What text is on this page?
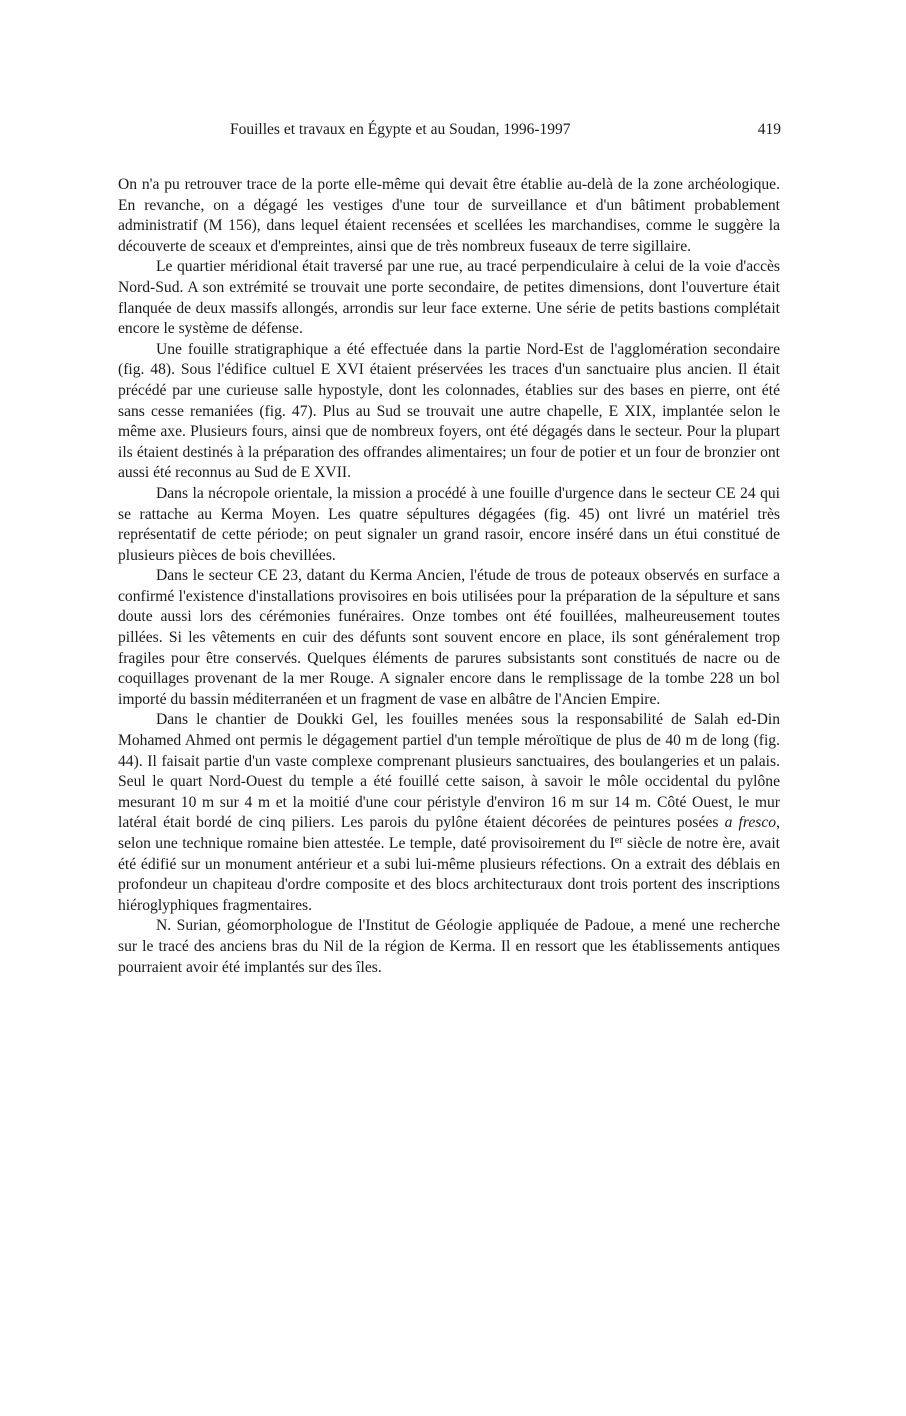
Fouilles et travaux en Égypte et au Soudan, 1996-1997	419

On n'a pu retrouver trace de la porte elle-même qui devait être établie au-delà de la zone archéologique. En revanche, on a dégagé les vestiges d'une tour de surveillance et d'un bâtiment probablement administratif (M 156), dans lequel étaient recensées et scellées les marchandises, comme le suggère la découverte de sceaux et d'empreintes, ainsi que de très nombreux fuseaux de terre sigillaire.

Le quartier méridional était traversé par une rue, au tracé perpendiculaire à celui de la voie d'accès Nord-Sud. A son extrémité se trouvait une porte secondaire, de petites dimensions, dont l'ouverture était flanquée de deux massifs allongés, arrondis sur leur face externe. Une série de petits bastions complétait encore le système de défense.

Une fouille stratigraphique a été effectuée dans la partie Nord-Est de l'agglomération secondaire (fig. 48). Sous l'édifice cultuel E XVI étaient préservées les traces d'un sanctuaire plus ancien. Il était précédé par une curieuse salle hypostyle, dont les colonnades, établies sur des bases en pierre, ont été sans cesse remaniées (fig. 47). Plus au Sud se trouvait une autre chapelle, E XIX, implantée selon le même axe. Plusieurs fours, ainsi que de nombreux foyers, ont été dégagés dans le secteur. Pour la plupart ils étaient destinés à la préparation des offrandes alimentaires; un four de potier et un four de bronzier ont aussi été reconnus au Sud de E XVII.

Dans la nécropole orientale, la mission a procédé à une fouille d'urgence dans le secteur CE 24 qui se rattache au Kerma Moyen. Les quatre sépultures dégagées (fig. 45) ont livré un matériel très représentatif de cette période; on peut signaler un grand rasoir, encore inséré dans un étui constitué de plusieurs pièces de bois chevillées.

Dans le secteur CE 23, datant du Kerma Ancien, l'étude de trous de poteaux observés en surface a confirmé l'existence d'installations provisoires en bois utilisées pour la préparation de la sépulture et sans doute aussi lors des cérémonies funéraires. Onze tombes ont été fouillées, malheureusement toutes pillées. Si les vêtements en cuir des défunts sont souvent encore en place, ils sont généralement trop fragiles pour être conservés. Quelques éléments de parures subsistants sont constitués de nacre ou de coquillages provenant de la mer Rouge. A signaler encore dans le remplissage de la tombe 228 un bol importé du bassin méditerranéen et un fragment de vase en albâtre de l'Ancien Empire.

Dans le chantier de Doukki Gel, les fouilles menées sous la responsabilité de Salah ed-Din Mohamed Ahmed ont permis le dégagement partiel d'un temple méroïtique de plus de 40 m de long (fig. 44). Il faisait partie d'un vaste complexe comprenant plusieurs sanctuaires, des boulangeries et un palais. Seul le quart Nord-Ouest du temple a été fouillé cette saison, à savoir le môle occidental du pylône mesurant 10 m sur 4 m et la moitié d'une cour péristyle d'environ 16 m sur 14 m. Côté Ouest, le mur latéral était bordé de cinq piliers. Les parois du pylône étaient décorées de peintures posées a fresco, selon une technique romaine bien attestée. Le temple, daté provisoirement du Ier siècle de notre ère, avait été édifié sur un monument antérieur et a subi lui-même plusieurs réfections. On a extrait des déblais en profondeur un chapiteau d'ordre composite et des blocs architecturaux dont trois portent des inscriptions hiéroglyphiques fragmentaires.

N. Surian, géomorphologue de l'Institut de Géologie appliquée de Padoue, a mené une recherche sur le tracé des anciens bras du Nil de la région de Kerma. Il en ressort que les établissements antiques pourraient avoir été implantés sur des îles.
